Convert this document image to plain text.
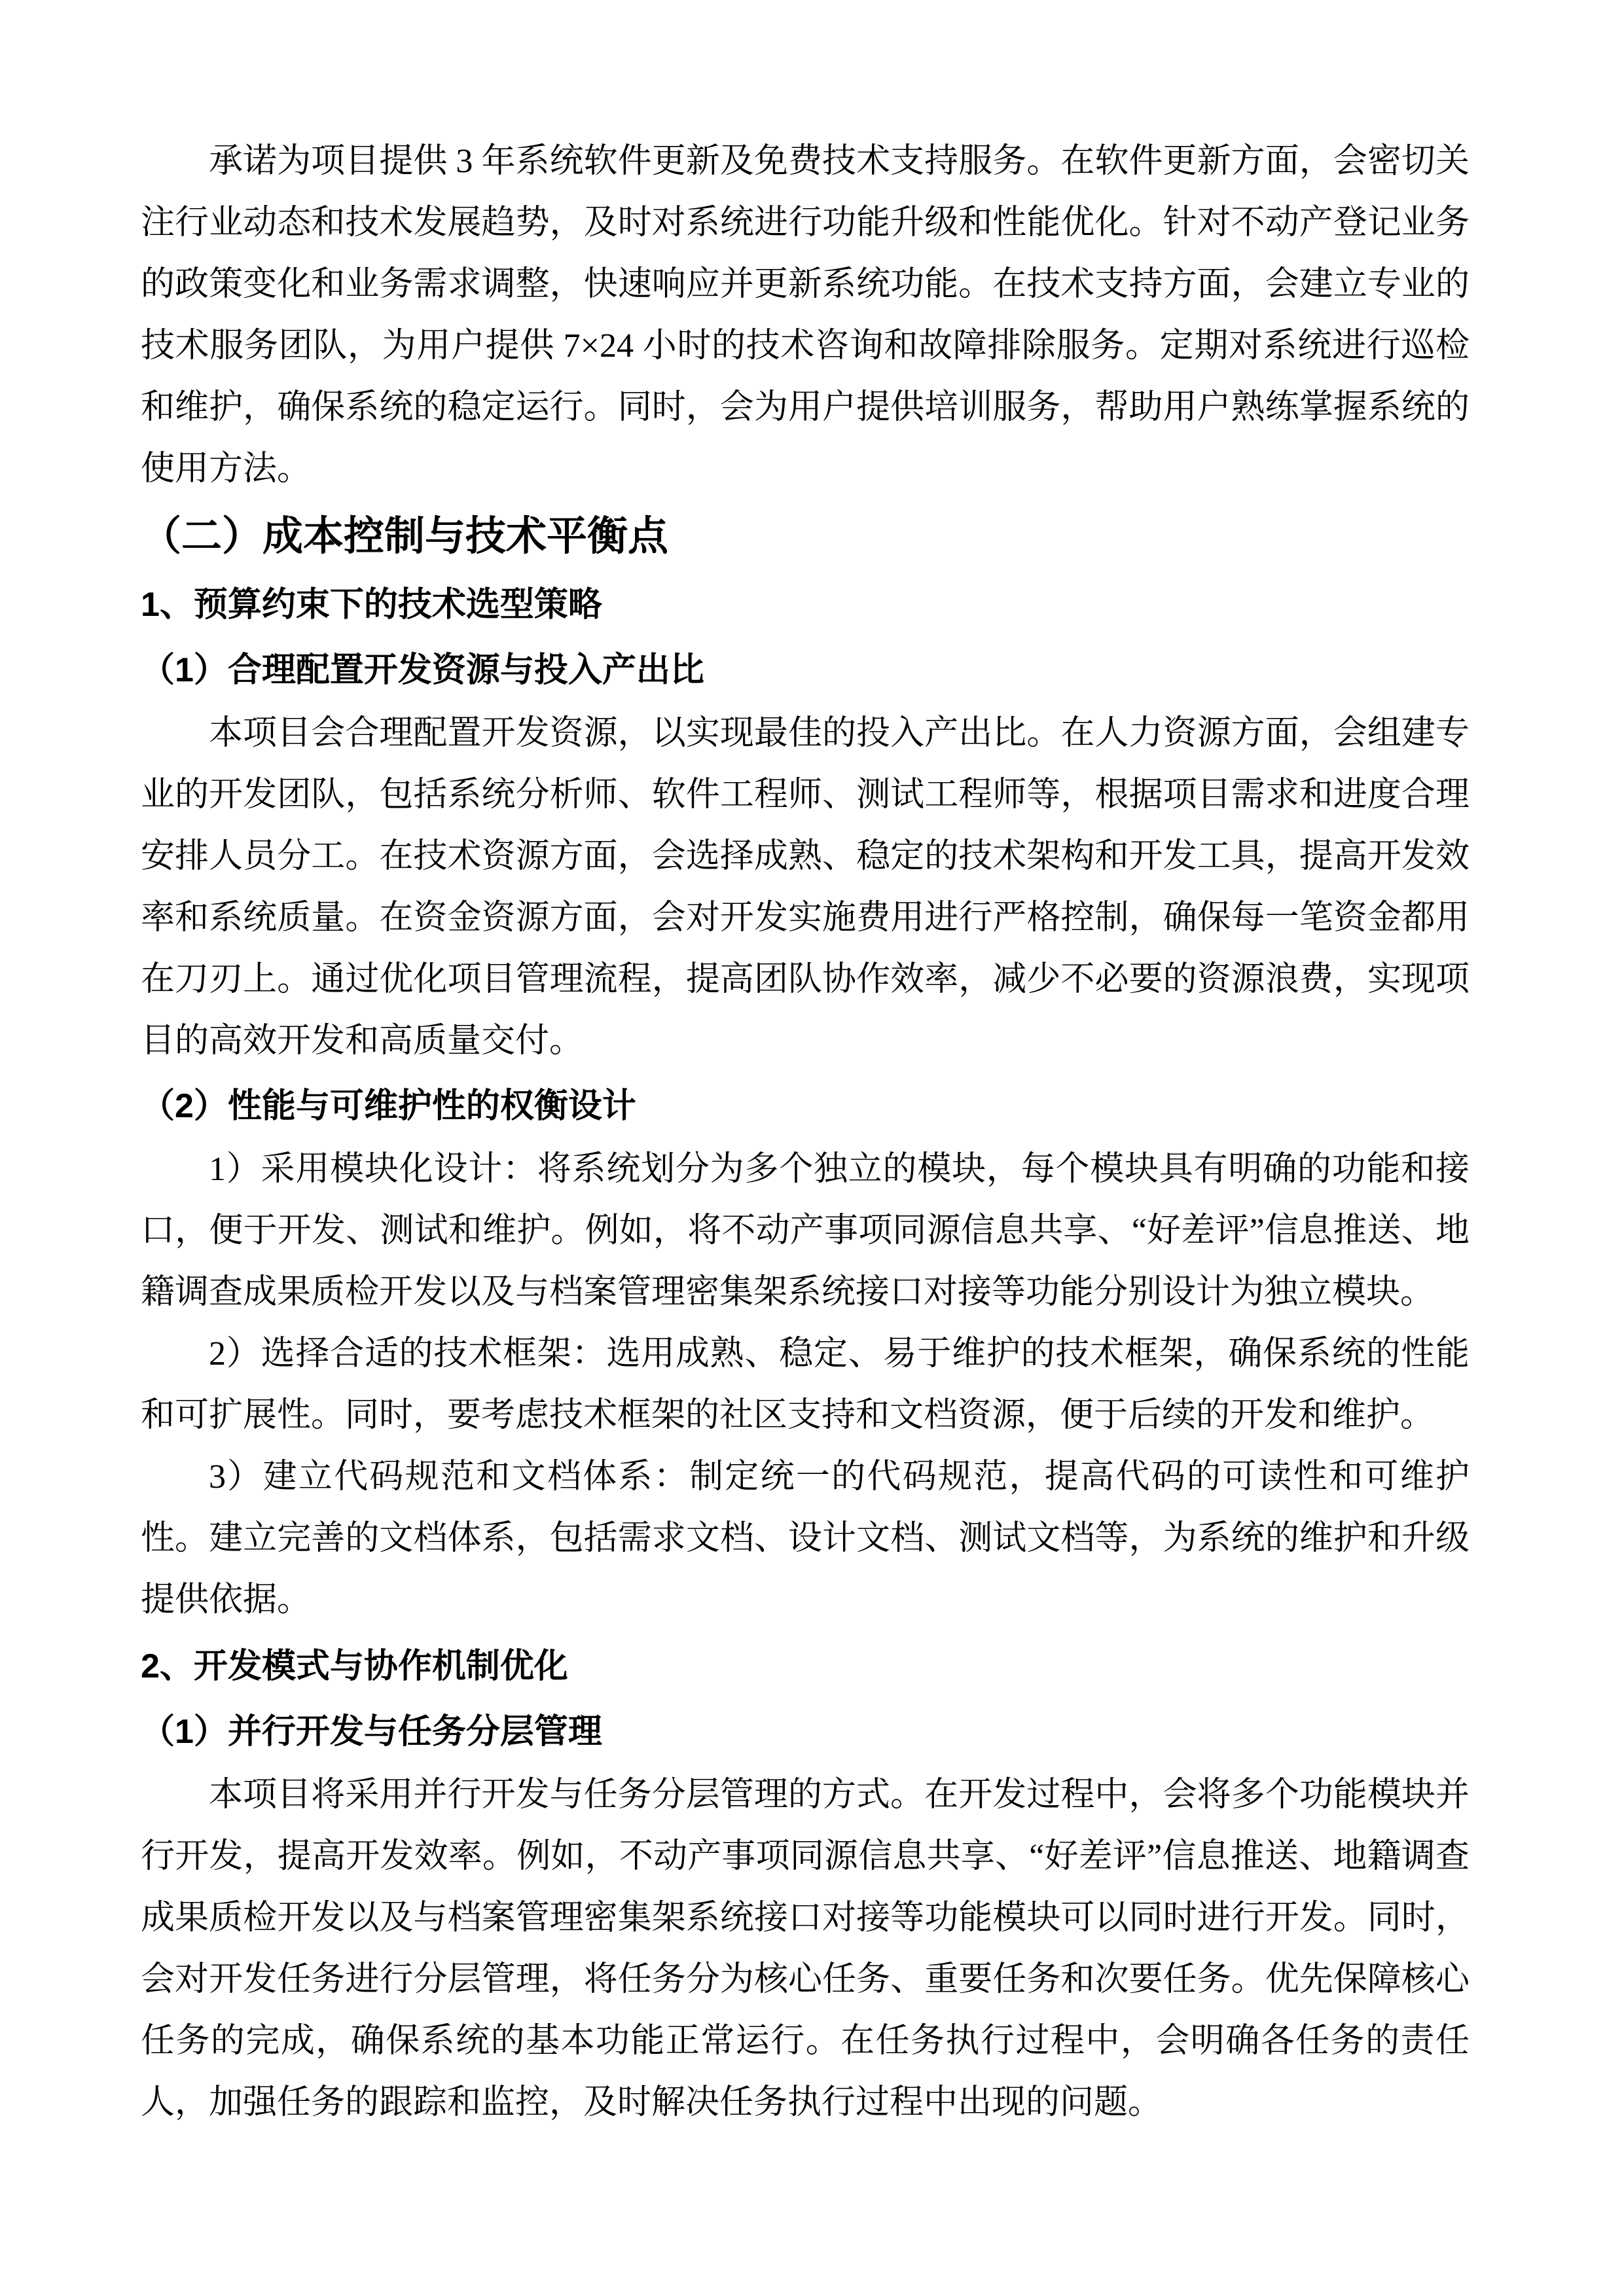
承诺为项目提供 3 年系统软件更新及免费技术支持服务。在软件更新方面，会密切关注行业动态和技术发展趋势，及时对系统进行功能升级和性能优化。针对不动产登记业务的政策变化和业务需求调整，快速响应并更新系统功能。在技术支持方面，会建立专业的技术服务团队，为用户提供 7×24 小时的技术咨询和故障排除服务。定期对系统进行巡检和维护，确保系统的稳定运行。同时，会为用户提供培训服务，帮助用户熟练掌握系统的使用方法。

（二）成本控制与技术平衡点
1、预算约束下的技术选型策略
（1）合理配置开发资源与投入产出比

本项目会合理配置开发资源，以实现最佳的投入产出比。在人力资源方面，会组建专业的开发团队，包括系统分析师、软件工程师、测试工程师等，根据项目需求和进度合理安排人员分工。在技术资源方面，会选择成熟、稳定的技术架构和开发工具，提高开发效率和系统质量。在资金资源方面，会对开发实施费用进行严格控制，确保每一笔资金都用在刀刃上。通过优化项目管理流程，提高团队协作效率，减少不必要的资源浪费，实现项目的高效开发和高质量交付。

（2）性能与可维护性的权衡设计

1）采用模块化设计：将系统划分为多个独立的模块，每个模块具有明确的功能和接口，便于开发、测试和维护。例如，将不动产事项同源信息共享、“好差评”信息推送、地籍调查成果质检开发以及与档案管理密集架系统接口对接等功能分别设计为独立模块。

2）选择合适的技术框架：选用成熟、稳定、易于维护的技术框架，确保系统的性能和可扩展性。同时，要考虑技术框架的社区支持和文档资源，便于后续的开发和维护。

3）建立代码规范和文档体系：制定统一的代码规范，提高代码的可读性和可维护性。建立完善的文档体系，包括需求文档、设计文档、测试文档等，为系统的维护和升级提供依据。

2、开发模式与协作机制优化
（1）并行开发与任务分层管理

本项目将采用并行开发与任务分层管理的方式。在开发过程中，会将多个功能模块并行开发，提高开发效率。例如，不动产事项同源信息共享、“好差评”信息推送、地籍调查成果质检开发以及与档案管理密集架系统接口对接等功能模块可以同时进行开发。同时，会对开发任务进行分层管理，将任务分为核心任务、重要任务和次要任务。优先保障核心任务的完成，确保系统的基本功能正常运行。在任务执行过程中，会明确各任务的责任人，加强任务的跟踪和监控，及时解决任务执行过程中出现的问题。
